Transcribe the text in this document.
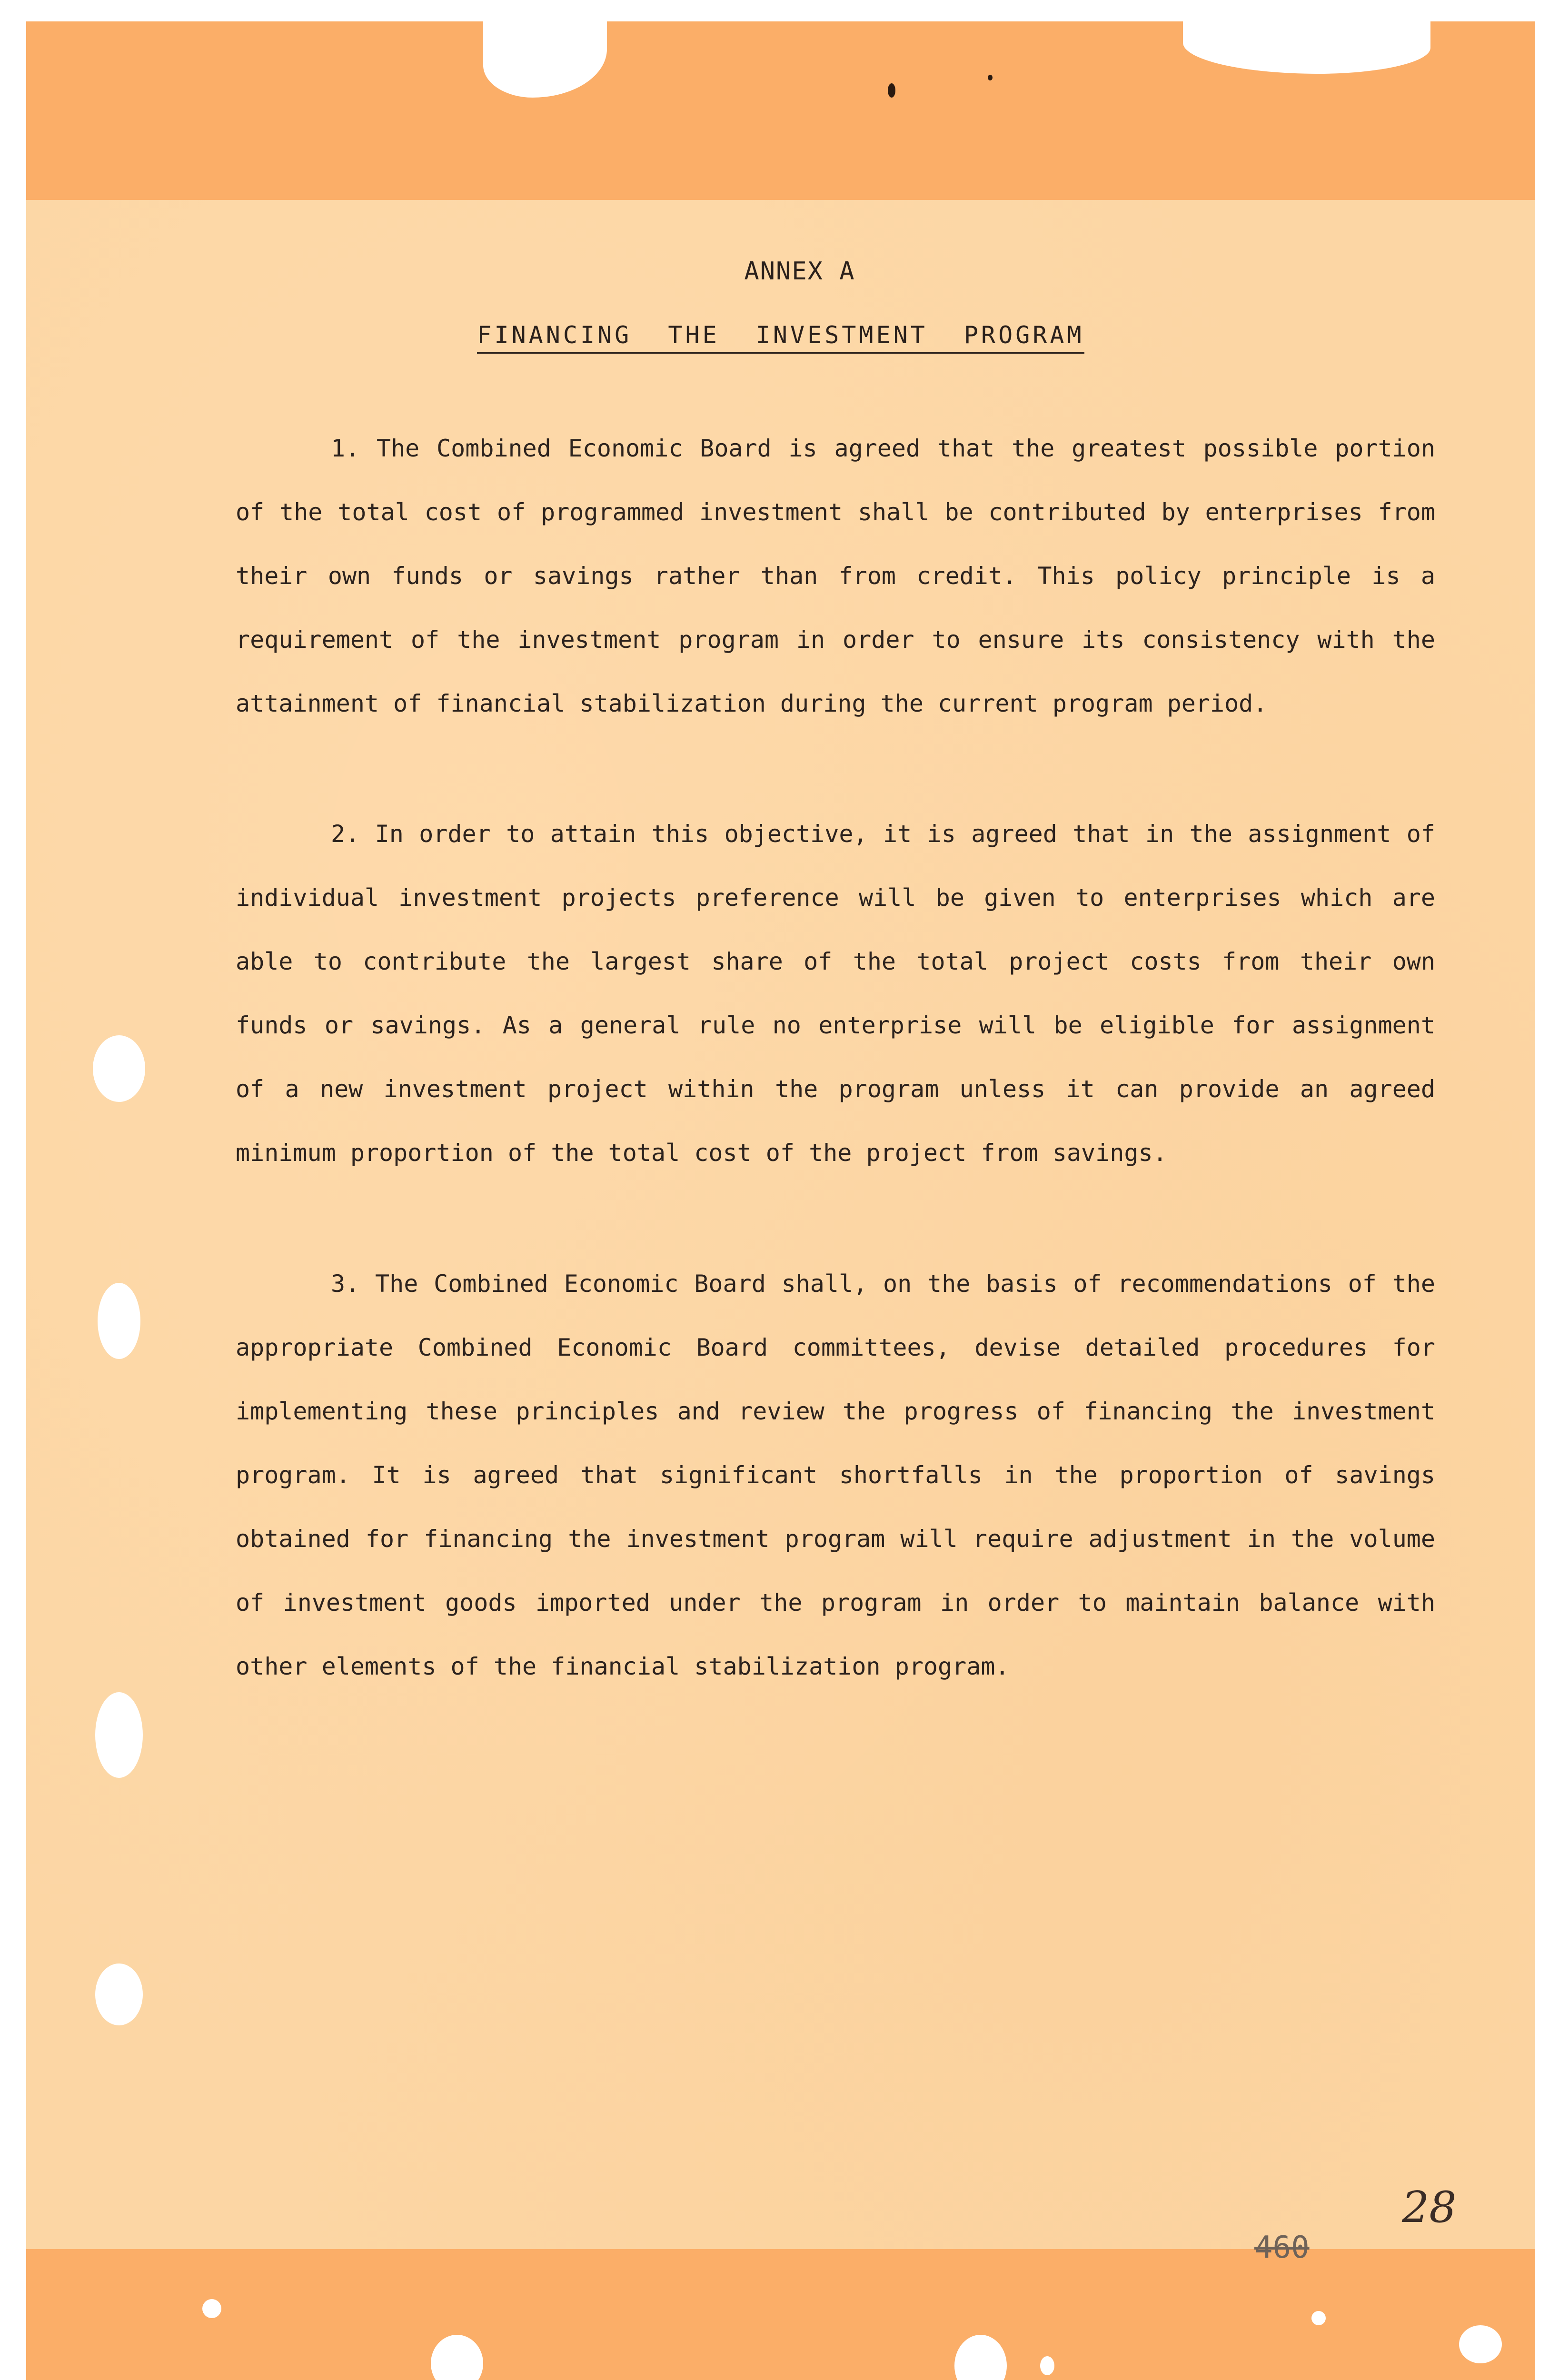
ANNEX A

FINANCING THE INVESTMENT PROGRAM

1. The Combined Economic Board is agreed that the greatest possible portion of the total cost of programmed investment shall be contributed by enterprises from their own funds or savings rather than from credit. This policy principle is a requirement of the investment program in order to ensure its consistency with the attainment of financial stabilization during the current program period.

2. In order to attain this objective, it is agreed that in the assignment of individual investment projects preference will be given to enterprises which are able to contribute the largest share of the total project costs from their own funds or savings. As a general rule no enterprise will be eligible for assignment of a new investment project within the program unless it can provide an agreed minimum proportion of the total cost of the project from savings.

3. The Combined Economic Board shall, on the basis of recommendations of the appropriate Combined Economic Board committees, devise detailed procedures for implementing these principles and review the progress of financing the investment program. It is agreed that significant shortfalls in the proportion of savings obtained for financing the investment program will require adjustment in the volume of investment goods imported under the program in order to maintain balance with other elements of the financial stabilization program.

460
28
